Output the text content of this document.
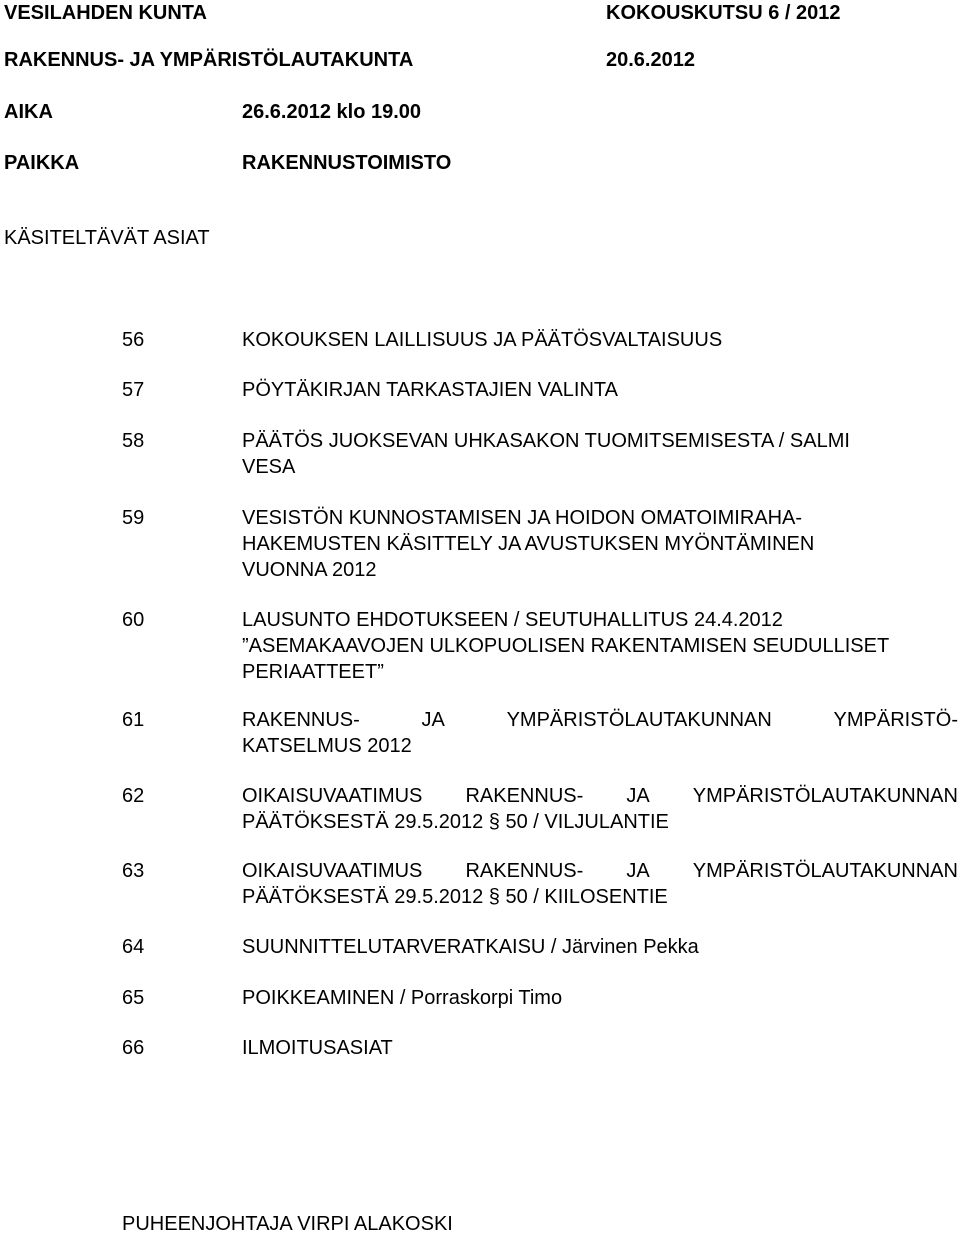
VESILAHDEN KUNTA	KOKOUSKUTSU 6 / 2012
RAKENNUS- JA YMPÄRISTÖLAUTAKUNTA	20.6.2012
AIKA	26.6.2012 klo 19.00
PAIKKA	RAKENNUSTOIMISTO
KÄSITELTÄVÄT ASIAT
56	KOKOUKSEN LAILLISUUS JA PÄÄTÖSVALTAISUUS
57	PÖYTÄKIRJAN TARKASTAJIEN VALINTA
58	PÄÄTÖS JUOKSEVAN UHKASAKON TUOMITSEMISESTA / SALMI
VESA
59	VESISTÖN KUNNOSTAMISEN JA HOIDON OMATOIMIRAHA-
HAKEMUSTEN KÄSITTELY JA AVUSTUKSEN MYÖNTÄMINEN
VUONNA 2012
60	LAUSUNTO EHDOTUKSEEN / SEUTUHALLITUS 24.4.2012
”ASEMAKAAVOJEN ULKOPUOLISEN RAKENTAMISEN SEUDULLISET
PERIAATTEET”
61	RAKENNUS-	JA	YMPÄRISTÖLAUTAKUNNAN	YMPÄRISTÖ-
KATSELMUS 2012
62	OIKAISUVAATIMUS RAKENNUS- JA YMPÄRISTÖLAUTAKUNNAN
PÄÄTÖKSESTÄ 29.5.2012 § 50 / VILJULANTIE
63	OIKAISUVAATIMUS RAKENNUS- JA YMPÄRISTÖLAUTAKUNNAN
PÄÄTÖKSESTÄ 29.5.2012 § 50 / KIILOSENTIE
64	SUUNNITTELUTARVERATKAISU / Järvinen Pekka
65	POIKKEAMINEN / Porraskorpi Timo
66	ILMOITUSASIAT
PUHEENJOHTAJA VIRPI ALAKOSKI
